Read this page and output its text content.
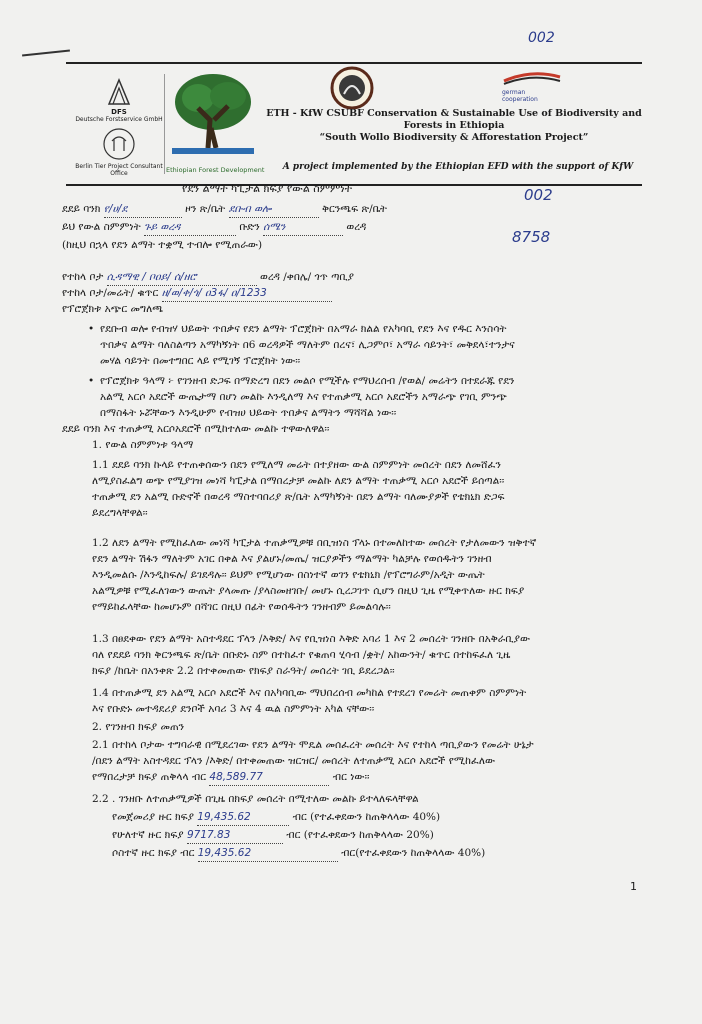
002
DFS
Deutsche Forstservice GmbH
Berlin Tier Project Consultant Office	Ethiopian Forest Development
german cooperation
ETH - KfW CSUBF Conservation & Sustainable Use of Biodiversity and
Forests in Ethiopia
“South Wollo Biodiversity & Afforestation Project”
A project implemented by the Ethiopian EFD with the support of KfW
የደን ልማት ካፒታል ክፍያ የውል ስምምነት	002
ደደይ ባንክ የ/ሀ/ደ	ዞን ጽ/ቤት ደቡብ ወሎ	ቅርንጫፍ ጽ/ቤት
ይህ የውል ስምምነት ጉይ ወረዳ	ቡድን ሰሜን	ወረዳ
8758
(ከዚህ በኋላ የደን ልማት ተቋሚ ተብሎ የሚጠራው)
የተከላ ቦታ ሲዳማዊ / ቦዐይ/ ሰ/ዘሮ	ወረዳ /ቀበሌ/ ጎጥ ጣቢያ
የተከላ ቦታ/መሬት/ ቁጥር ዘ/ወ/ቀ/ጎ/ ዐ3ፋ/ ዐ/1233
የፕሮጀክቱ አጭር መግለጫ
• የደቡብ ወሎ የብዝሃ ህይወት ጥበቃና የደን ልማት ፕሮጀክት በአማራ ክልል የአካባቢ የደን እና የዱር እንስሳት
ጥበቃና ልማት ባለስልጣን አማካኝነት በ6 ወረዳዎች ማለትም በረና፣ ሊጋምቦ፣ አማራ ሳይንት፣ መቅደላ፣ተንታና
መሃል ሳይንት በመተግበር ላይ የሚገኝ ፕሮጀክት ነው፡፡
• የፕሮጀክቱ ዓላማ ፦ የገንዘብ ድጋፍ በማድረግ በደን መልሶ የሚችሉ የማህረሰብ /የወል/ መሬትን በተደራጁ የደን
አልሚ አርሶ አደሮች ውጤታማ በሆነ መልኩ እንዲለማ እና የተጠቃሚ አርሶ አደሮችን አማራጭ የገቢ ምንጭ
በማስፋት ኑሯቸውን እንዲሁም የብዝሀ ህይወት ጥበቃና ልማትን ማሻሻል ነው፡፡
ደደይ ባንክ እና ተጠቃሚ አርሶአደሮች በሚከተለው መልኩ ተዋውለዋል፡፡
1. የውል ስምምነቱ ዓላማ
1.1 ደደይ ባንክ ኩላይ የተጠቀሰውን በደን የሚለማ መሬት በተያዘው ውል ስምምነት መሰረት በደን ለመሸፈን
ለሚያስፈልግ ወጭ የሚያገዝ መነሻ ካፒታል በማበረታቻ መልኩ ለደን ልማት ተጠቃሚ አርሶ አደሮች ይሰጣል፡፡
ተጠቃሚ ደን አልሚ ቡድኖች በወረዳ ማስተባበሪያ ጽ/ቤት አማካኝነት በደን ልማት ባለሙያዎች የቴክኒክ ድጋፍ
ይደረግላቸዋል፡፡
1.2 ለደን ልማት የሚከፈለው መነሻ ካፒታል ተጠቃሚዎቹ በቢዝነስ ፕላኑ በተመለከተው መሰረት የታለመውን ዝቅተኛ
የደን ልማት ሽፋን ማለትም አገር በቀል እና ያልሆኑ/መጤ/ ዝርያዎችን ማልማት ካልቻሉ የወሰዱትን ገንዘብ
እንዲመልሱ /እንዲከፍሉ/ ይገደዳሉ፡፡ ይህም የሚሆነው በስነተኛ ወገን የቴክኒክ /የፕሮግራም/አዲት ውጤት
አልሚዎቹ የሚፈለገውን ውጤት ያላመጡ /ያላስመዘገቡ/ መሆኑ ሲረጋገጥ ሲሆን በዚህ ጊዜ የሚቀጥለው ዙር ክፍያ
የማይከፈላቸው ከመሆኑም በሻገር በዚህ በፊት የወሰዱትን ገንዘብም ይመልሳሉ፡፡
1.3 በፀደቀው የደን ልማት አስተዳደር ፕላን /እቅድ/ እና የቢዝነስ እቅድ አባሪ 1 እና 2 መሰረት ገንዘቡ በአቅራቢያው
ባለ የደደይ ባንክ ቅርንጫፍ ጽ/ቤት በቡድኑ ስም በተከፈተ የቁጠባ ሂሳብ /ቋት/ አከውንት/ ቁጥር በተከፍፈለ ጊዜ
ክፍያ /ከቤት በአንቀጽ 2.2 በተቀመጠው የክፍያ ስራዓት/ መሰረት ገቢ ይደረጋል፡፡
1.4 በተጠቃሚ ደን አልሚ አርሶ አደሮች እና በአካባቢው ማህበረሰብ መካከል የተደረገ የመሬት መጠቀም ስምምነት
እና የቡድኑ መተዳደሪያ ደንቦች አባሪ 3 እና 4 ዉል ስምምነት አካል ናቸው፡፡
2. የገንዘብ ክፍያ መጠን
2.1 በተከላ ቦታው ተግባራዊ በሚደረገው የደን ልማት ሞዴል መሰፈረት መሰረት እና የተከላ ጣቢያውን የመሬት ሁኔታ
/በደን ልማት አስተዳደር ፕላን /እቅድ/ በተቀመጠው ዝርዝር/ መሰረት ለተጠቃሚ አርሶ አደሮች የሚከፈለው
የማበረታቻ ክፍያ ጠቅላላ ብር 48,589.77	ብር ነው፡፡
2.2 . ገንዘቡ ለተጠቃሚዎች በጊዜ በክፍያ መሰረት በሚተለው መልኩ ይተላለፍላቸዋል
የመጀመሪያ ዙር ክፍያ 19,435.62	ብር (የተፈቀደውን ከጠቅላላው 40%)
የሁለተኛ ዙር ክፍያ 9717.83	ብር (የተፈቀደውን ከጠቅላላው 20%)
ሶስተኛ ዙር ክፍያ ብር 19,435.62	ብር(የተፈቀደውን ከጠቅላላው 40%)
1
